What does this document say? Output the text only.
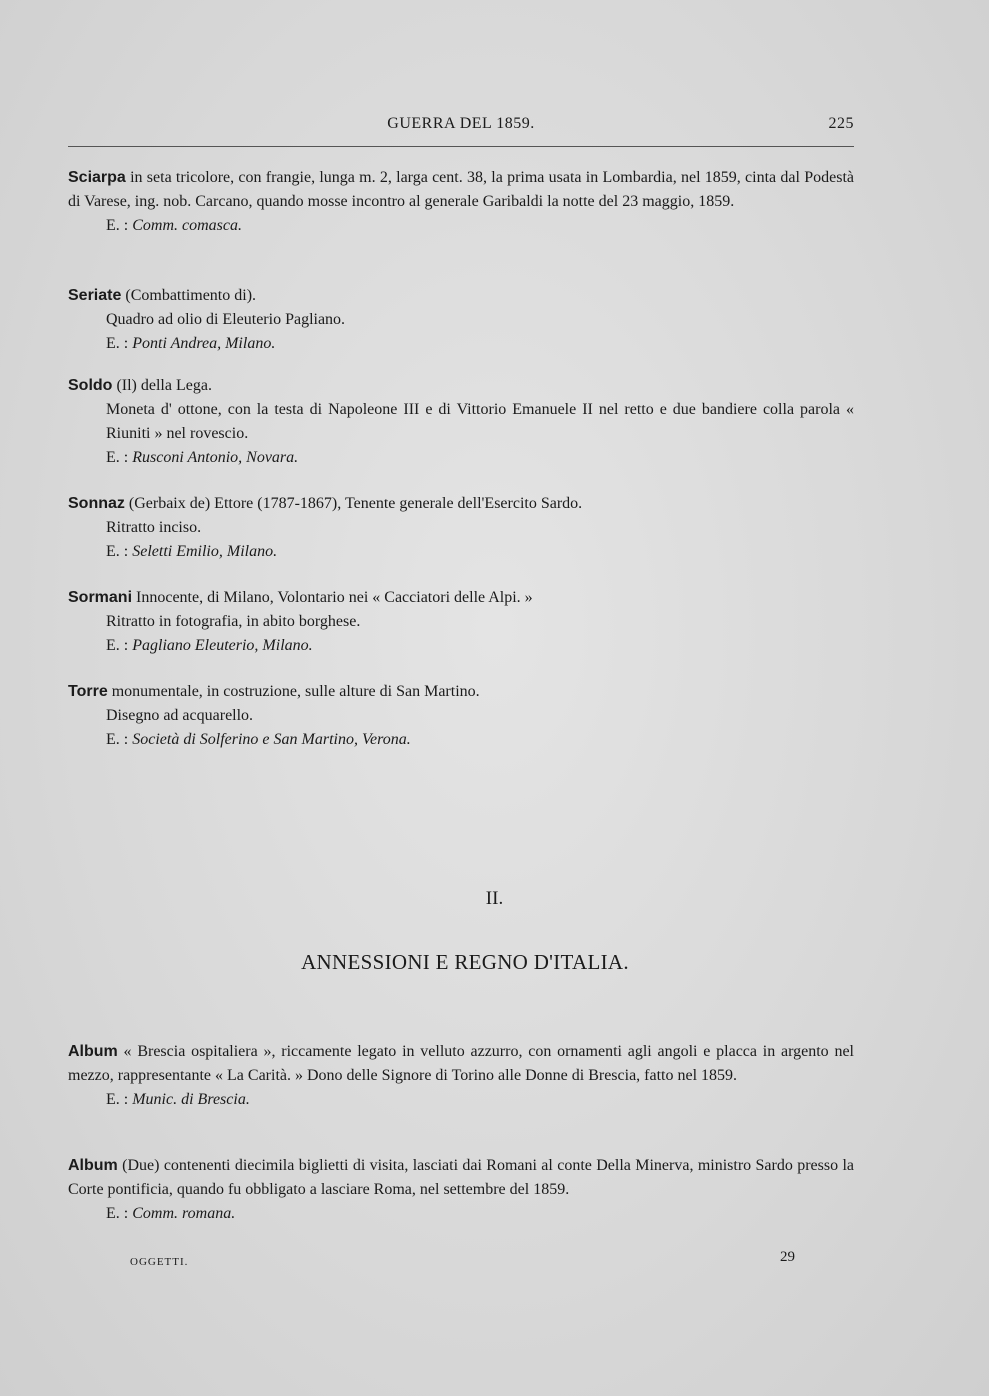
GUERRA DEL 1859.	225

Sciarpa in seta tricolore, con frangie, lunga m. 2, larga cent. 38, la prima usata in Lombardia, nel 1859, cinta dal Podestà di Varese, ing. nob. Carcano, quando mosse incontro al generale Garibaldi la notte del 23 maggio, 1859.

E. : Comm. comasca.

Seriate (Combattimento di).

Quadro ad olio di Eleuterio Pagliano.

E. : Ponti Andrea, Milano.

Soldo (Il) della Lega.

Moneta d' ottone, con la testa di Napoleone III e di Vittorio Emanuele II nel retto e due bandiere colla parola « Riuniti » nel rovescio.

E. : Rusconi Antonio, Novara.

Sonnaz (Gerbaix de) Ettore (1787-1867), Tenente generale dell'Esercito Sardo.

Ritratto inciso.

E. : Seletti Emilio, Milano.

Sormani Innocente, di Milano, Volontario nei « Cacciatori delle Alpi. »

Ritratto in fotografia, in abito borghese.

E. : Pagliano Eleuterio, Milano.

Torre monumentale, in costruzione, sulle alture di San Martino.

Disegno ad acquarello.

E. : Società di Solferino e San Martino, Verona.

II.
ANNESSIONI E REGNO D'ITALIA.

Album « Brescia ospitaliera », riccamente legato in velluto azzurro, con ornamenti agli angoli e placca in argento nel mezzo, rappresentante « La Carità. » Dono delle Signore di Torino alle Donne di Brescia, fatto nel 1859.

E. : Munic. di Brescia.

Album (Due) contenenti diecimila biglietti di visita, lasciati dai Romani al conte Della Minerva, ministro Sardo presso la Corte pontificia, quando fu obbligato a lasciare Roma, nel settembre del 1859.

E. : Comm. romana.

OGGETTI.	29
